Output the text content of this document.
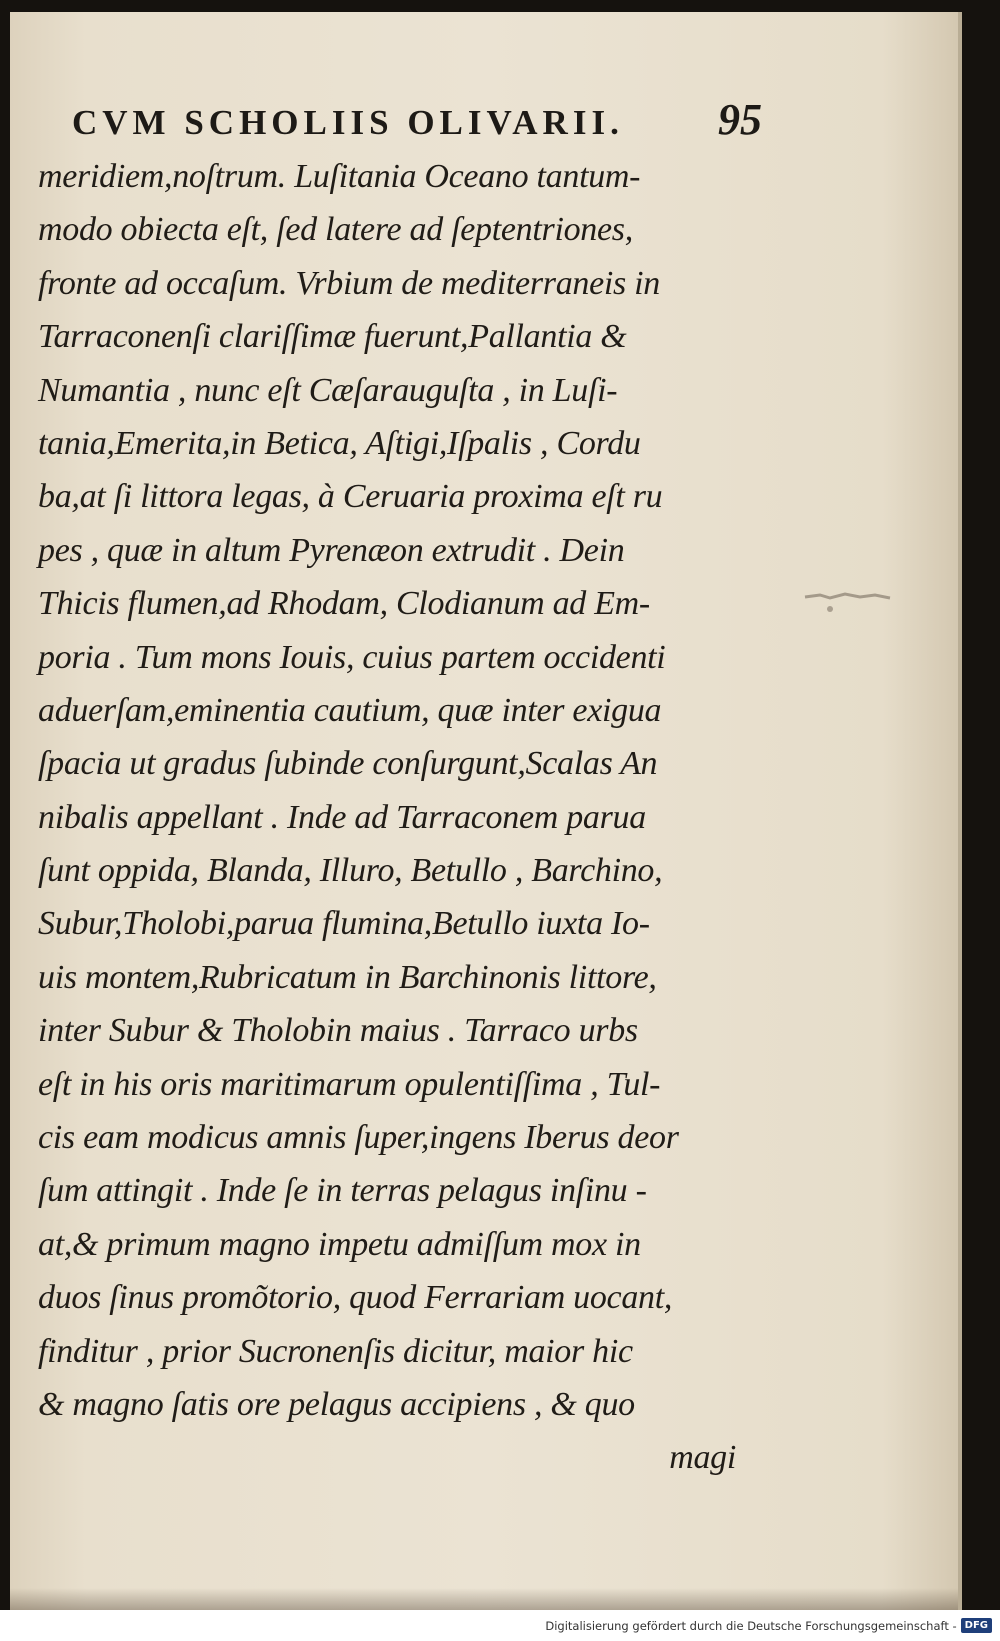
CVM SCHOLIIS OLIVARII. 95
meridiem,noſtrum. Luſitania Oceano tantum-
modo obiecta eſt, ſed latere ad ſeptentriones,
fronte ad occaſum. Vrbium de mediterraneis in
Tarraconenſi clariſſimæ fuerunt,Pallantia &
Numantia , nunc eſt Cæſarauguſta , in Luſi-
tania,Emerita,in Betica, Aſtigi,Iſpalis , Cordu
ba,at ſi littora legas, à Ceruaria proxima eſt ru
pes , quæ in altum Pyrenæon extrudit . Dein
Thicis flumen,ad Rhodam, Clodianum ad Em-
poria . Tum mons Iouis, cuius partem occidenti
aduerſam,eminentia cautium, quæ inter exigua
ſpacia ut gradus ſubinde conſurgunt,Scalas An
nibalis appellant . Inde ad Tarraconem parua
ſunt oppida, Blanda, Illuro, Betullo , Barchino,
Subur,Tholobi,parua flumina,Betullo iuxta Io-
uis montem,Rubricatum in Barchinonis littore,
inter Subur & Tholobin maius . Tarraco urbs
eſt in his oris maritimarum opulentiſſima , Tul-
cis eam modicus amnis ſuper,ingens Iberus deor
ſum attingit . Inde ſe in terras pelagus inſinu -
at,& primum magno impetu admiſſum mox in
duos ſinus promõtorio, quod Ferrariam uocant,
finditur , prior Sucronenſis dicitur, maior hic
& magno ſatis ore pelagus accipiens , & quo
magi
Digitalisierung gefördert durch die Deutsche Forschungsgemeinschaft - DFG
